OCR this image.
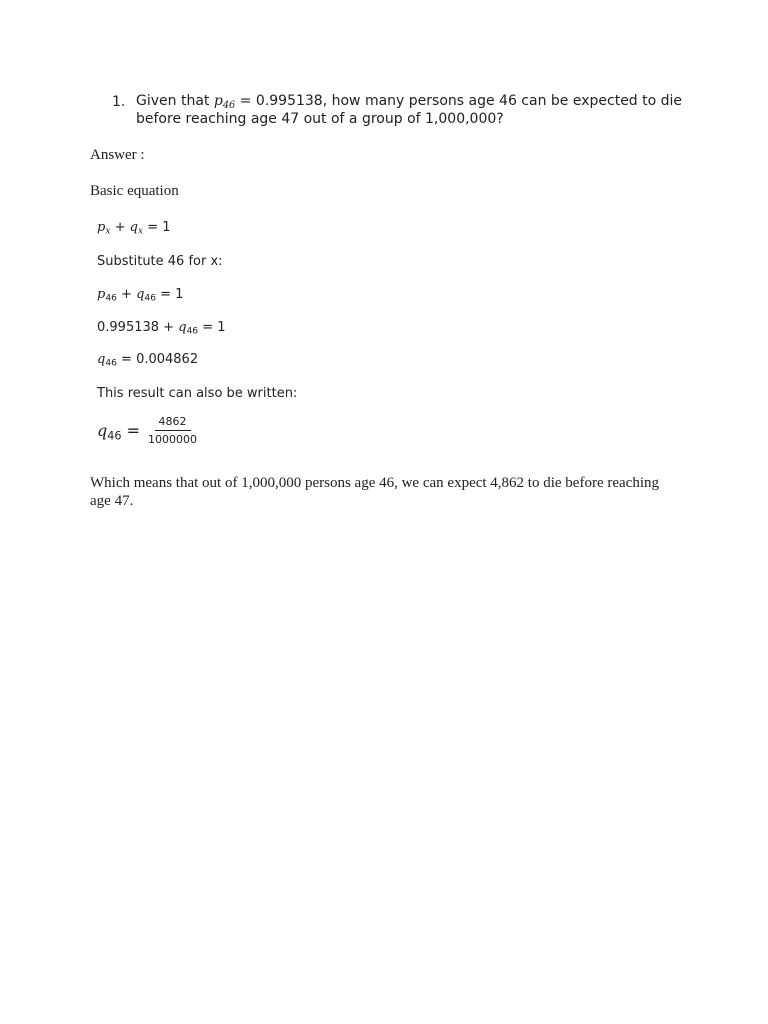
1. Given that $p_{46} = 0.995138$, how many persons age 46 can be expected to die
before reaching age 47 out of a group of 1,000,000?
Answer :
Basic equation
$p_x + q_x = 1$
Substitute 46 for x:
$p_{46} + q_{46} = 1$
$0.995138 + q_{46} = 1$
$q_{46} = 0.004862$
This result can also be written:
$q_{46} = \frac{4862}{1000000}$
Which means that out of 1,000,000 persons age 46, we can expect 4,862 to die before reaching
age 47.
